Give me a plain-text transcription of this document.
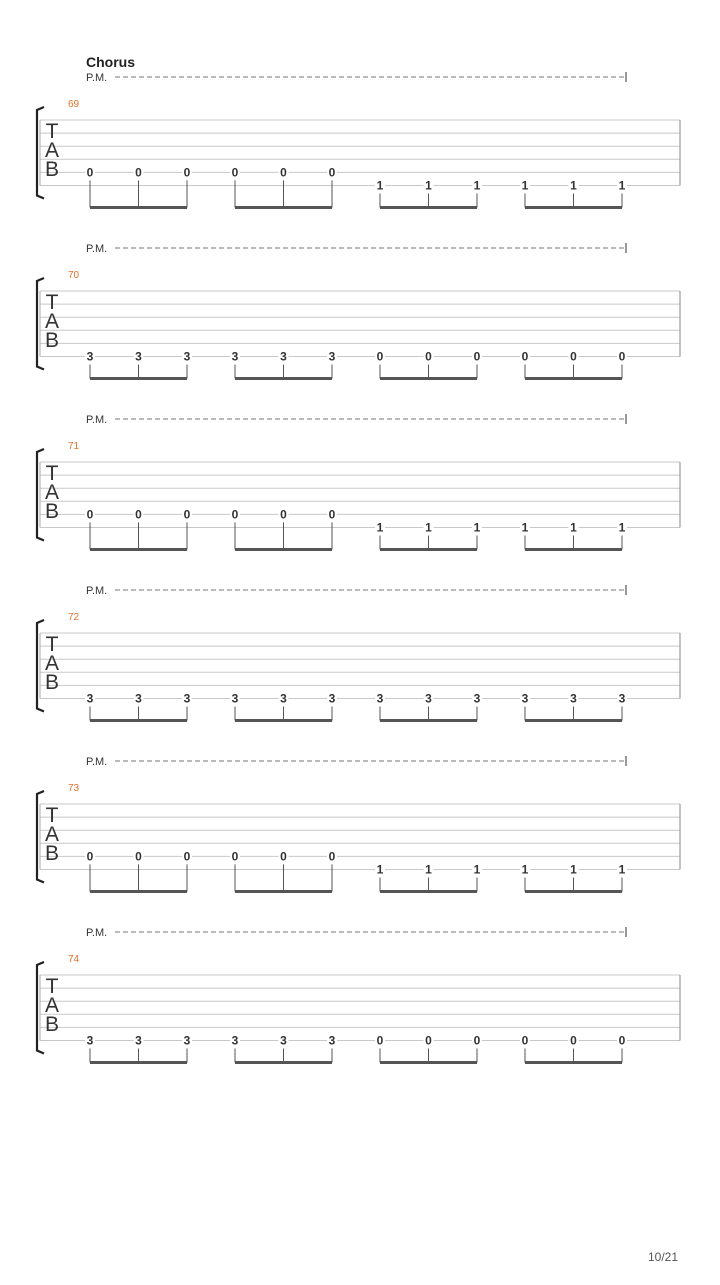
Chorus
P.M.
69
T
A
B 0	0	0	0	0	0
1	1	1	1	1	1
P.M.
70
T
A
B
3	3	3	3	3	3	0	0	0	0	0	0
P.M.
71
T
A
B 0	0	0	0	0	0
1	1	1	1	1	1
P.M.
72
T
A
B
3	3	3	3	3	3	3	3	3	3	3	3
P.M.
73
T
A
B 0	0	0	0	0	0
1	1	1	1	1	1
P.M.
74
T
A
B
3	3	3	3	3	3	0	0	0	0	0	0
10/21
